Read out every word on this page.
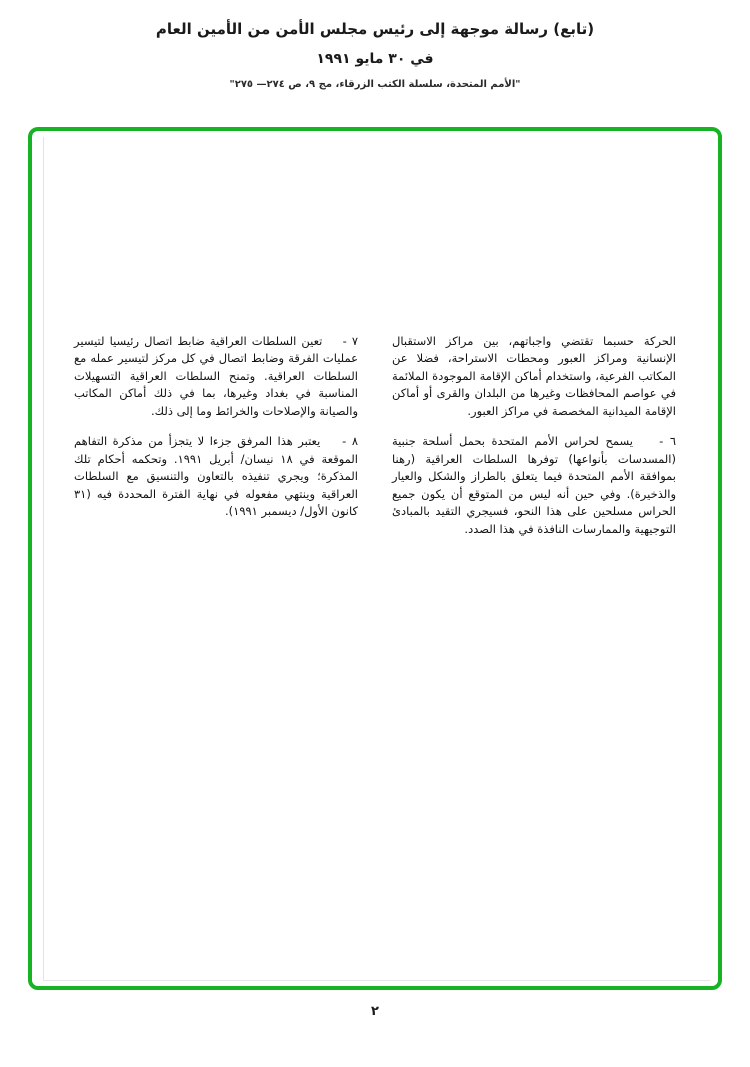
(تابع) رسالة موجهة إلى رئيس مجلس الأمن من الأمين العام
في ٣٠ مايو ١٩٩١
"الأمم المتحدة، سلسلة الكتب الزرقاء، مج ٩، ص ٢٧٤— ٢٧٥"

الحركة حسبما تقتضي واجباتهم، بين مراكز الاستقبال الإنسانية ومراكز العبور ومحطات الاستراحة، فضلا عن المكاتب الفرعية، واستخدام أماكن الإقامة الموجودة الملائمة في عواصم المحافظات وغيرها من البلدان والقرى أو أماكن الإقامة الميدانية المخصصة في مراكز العبور.

٦ -    يسمح لحراس الأمم المتحدة بحمل أسلحة جنبية (المسدسات بأنواعها) توفرها السلطات العراقية (رهنا بموافقة الأمم المتحدة فيما يتعلق بالطراز والشكل والعيار والذخيرة). وفي حين أنه ليس من المتوقع أن يكون جميع الحراس مسلحين على هذا النحو، فسيجري التقيد بالمبادئ التوجيهية والممارسات النافذة في هذا الصدد.

٧ -    تعين السلطات العراقية ضابط اتصال رئيسيا لتيسير عمليات الفرقة وضابط اتصال في كل مركز لتيسير عمله مع السلطات العراقية. وتمنح السلطات العراقية التسهيلات المناسبة في بغداد وغيرها، بما في ذلك أماكن المكاتب والصيانة والإصلاحات والخرائط وما إلى ذلك.

٨ -    يعتبر هذا المرفق جزءا لا يتجزأ من مذكرة التفاهم الموقعة في ١٨ نيسان/ أبريل ١٩٩١. وتحكمه أحكام تلك المذكرة؛ ويجري تنفيذه بالتعاون والتنسيق مع السلطات العراقية وينتهي مفعوله في نهاية الفترة المحددة فيه (٣١ كانون الأول/ ديسمبر ١٩٩١).

٢
